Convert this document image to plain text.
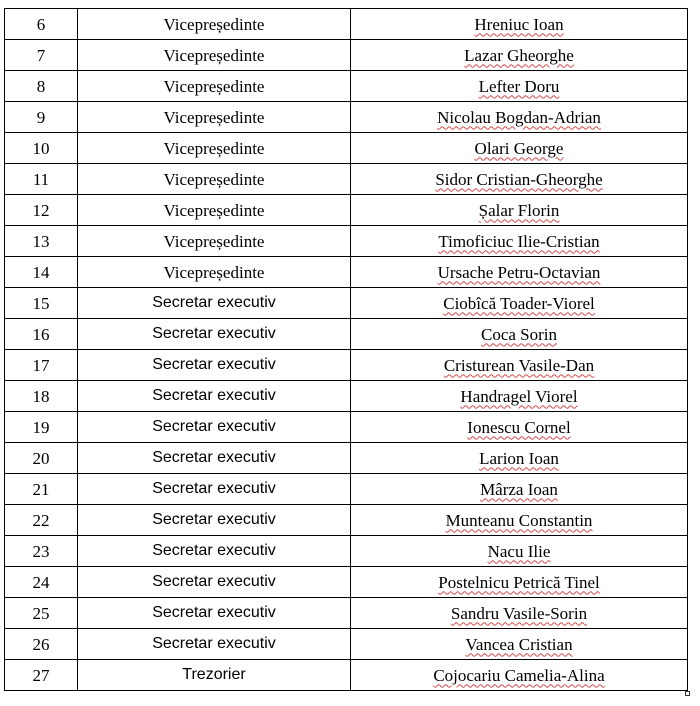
6	Vicepreședinte	Hreniuc Ioan
7	Vicepreședinte	Lazar Gheorghe
8	Vicepreședinte	Lefter Doru
9	Vicepreședinte	Nicolau Bogdan-Adrian
10	Vicepreședinte	Olari George
11	Vicepreședinte	Sidor Cristian-Gheorghe
12	Vicepreședinte	Șalar Florin
13	Vicepreședinte	Timoficiuc Ilie-Cristian
14	Vicepreședinte	Ursache Petru-Octavian
15	Secretar executiv	Ciobîcă Toader-Viorel
16	Secretar executiv	Coca Sorin
17	Secretar executiv	Cristurean Vasile-Dan
18	Secretar executiv	Handragel Viorel
19	Secretar executiv	Ionescu Cornel
20	Secretar executiv	Larion Ioan
21	Secretar executiv	Mârza Ioan
22	Secretar executiv	Munteanu Constantin
23	Secretar executiv	Nacu Ilie
24	Secretar executiv	Postelnicu Petrică Tinel
25	Secretar executiv	Sandru Vasile-Sorin
26	Secretar executiv	Vancea Cristian
27	Trezorier	Cojocariu Camelia-Alina
